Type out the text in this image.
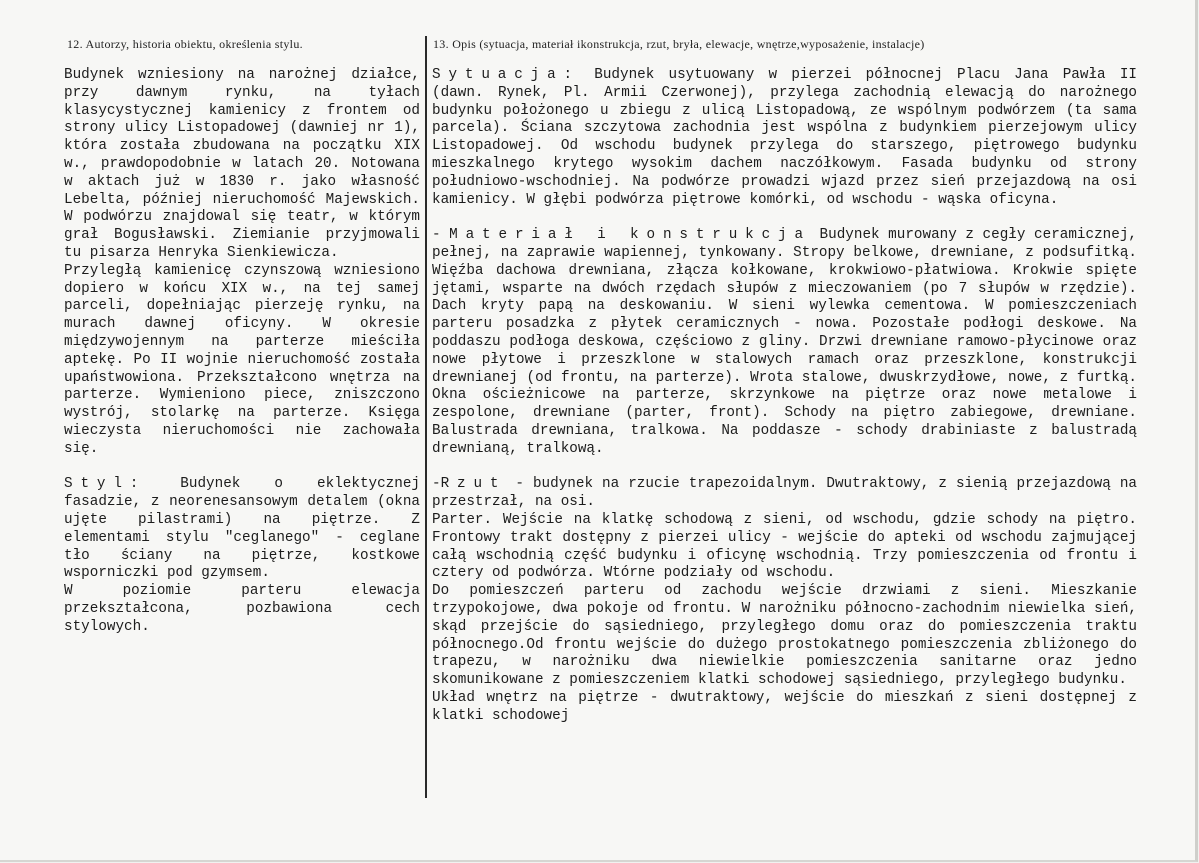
12. Autorzy, historia obiektu, określenia stylu.	13. Opis (sytuacja, materiał ikonstrukcja, rzut, bryła, elewacje, wnętrze,wyposażenie, instalacje)

Budynek wzniesiony na narożnej działce, przy dawnym rynku, na tyłach klasycystycznej kamienicy z frontem od strony ulicy Listopadowej (dawniej nr 1), która została zbudowana na początku XIX w., prawdopodobnie w latach 20. Notowana w aktach już w 1830 r. jako własność Lebelta, później nieruchomość Majewskich. W podwórzu znajdowal się teatr, w którym grał Bogusławski. Ziemianie przyjmowali tu pisarza Henryka Sienkiewicza.

Przyległą kamienicę czynszową wzniesiono dopiero w końcu XIX w., na tej samej parceli, dopełniając pierzeję rynku, na murach dawnej oficyny. W okresie międzywojennym na parterze mieściła aptekę. Po II wojnie nieruchomość została upaństwowiona. Przekształcono wnętrza na parterze. Wymieniono piece, zniszczono wystrój, stolarkę na parterze. Księga wieczysta nieruchomości nie zachowała się.

Styl: Budynek o eklektycznej fasadzie, z neorenesansowym detalem (okna ujęte pilastrami) na piętrze. Z elementami stylu "ceglanego" - ceglane tło ściany na piętrze, kostkowe wsporniczki pod gzymsem.

W poziomie parteru elewacja przekształcona, pozbawiona cech stylowych.

Sytuacja: Budynek usytuowany w pierzei północnej Placu Jana Pawła II (dawn. Rynek, Pl. Armii Czerwonej), przylega zachodnią elewacją do narożnego budynku położonego u zbiegu z ulicą Listopadową, ze wspólnym podwórzem (ta sama parcela). Ściana szczytowa zachodnia jest wspólna z budynkiem pierzejowym ulicy Listopadowej. Od wschodu budynek przylega do starszego, piętrowego budynku mieszkalnego krytego wysokim dachem naczółkowym. Fasada budynku od strony południowo-wschodniej. Na podwórze prowadzi wjazd przez sień przejazdową na osi kamienicy. W głębi podwórza piętrowe komórki, od wschodu - wąska oficyna.

- Materiał i konstrukcja Budynek murowany z cegły ceramicznej, pełnej, na zaprawie wapiennej, tynkowany. Stropy belkowe, drewniane, z podsufitką. Więźba dachowa drewniana, złącza kołkowane, krokwiowo-płatwiowa. Krokwie spięte jętami, wsparte na dwóch rzędach słupów z mieczowaniem (po 7 słupów w rzędzie). Dach kryty papą na deskowaniu. W sieni wylewka cementowa. W pomieszczeniach parteru posadzka z płytek ceramicznych - nowa. Pozostałe podłogi deskowe. Na poddaszu podłoga deskowa, częściowo z gliny. Drzwi drewniane ramowo-płycinowe oraz nowe płytowe i przeszklone w stalowych ramach oraz przeszklone, konstrukcji drewnianej (od frontu, na parterze). Wrota stalowe, dwuskrzydłowe, nowe, z furtką. Okna ościeżnicowe na parterze, skrzynkowe na piętrze oraz nowe metalowe i zespolone, drewniane (parter, front). Schody na piętro zabiegowe, drewniane. Balustrada drewniana, tralkowa. Na poddasze - schody drabiniaste z balustradą drewnianą, tralkową.

-Rzut - budynek na rzucie trapezoidalnym. Dwutraktowy, z sienią przejazdową na przestrzał, na osi.

Parter. Wejście na klatkę schodową z sieni, od wschodu, gdzie schody na piętro. Frontowy trakt dostępny z pierzei ulicy - wejście do apteki od wschodu zajmującej całą wschodnią część budynku i oficynę wschodnią. Trzy pomieszczenia od frontu i cztery od podwórza. Wtórne podziały od wschodu.

Do pomieszczeń parteru od zachodu wejście drzwiami z sieni. Mieszkanie trzypokojowe, dwa pokoje od frontu. W narożniku północno-zachodnim niewielka sień, skąd przejście do sąsiedniego, przyległego domu oraz do pomieszczenia traktu północnego.Od frontu wejście do dużego prostokatnego pomieszczenia zbliżonego do trapezu, w narożniku dwa niewielkie pomieszczenia sanitarne oraz jedno skomunikowane z pomieszczeniem klatki schodowej sąsiedniego, przyległego budynku.

Układ wnętrz na piętrze - dwutraktowy, wejście do mieszkań z sieni dostępnej z klatki schodowej
